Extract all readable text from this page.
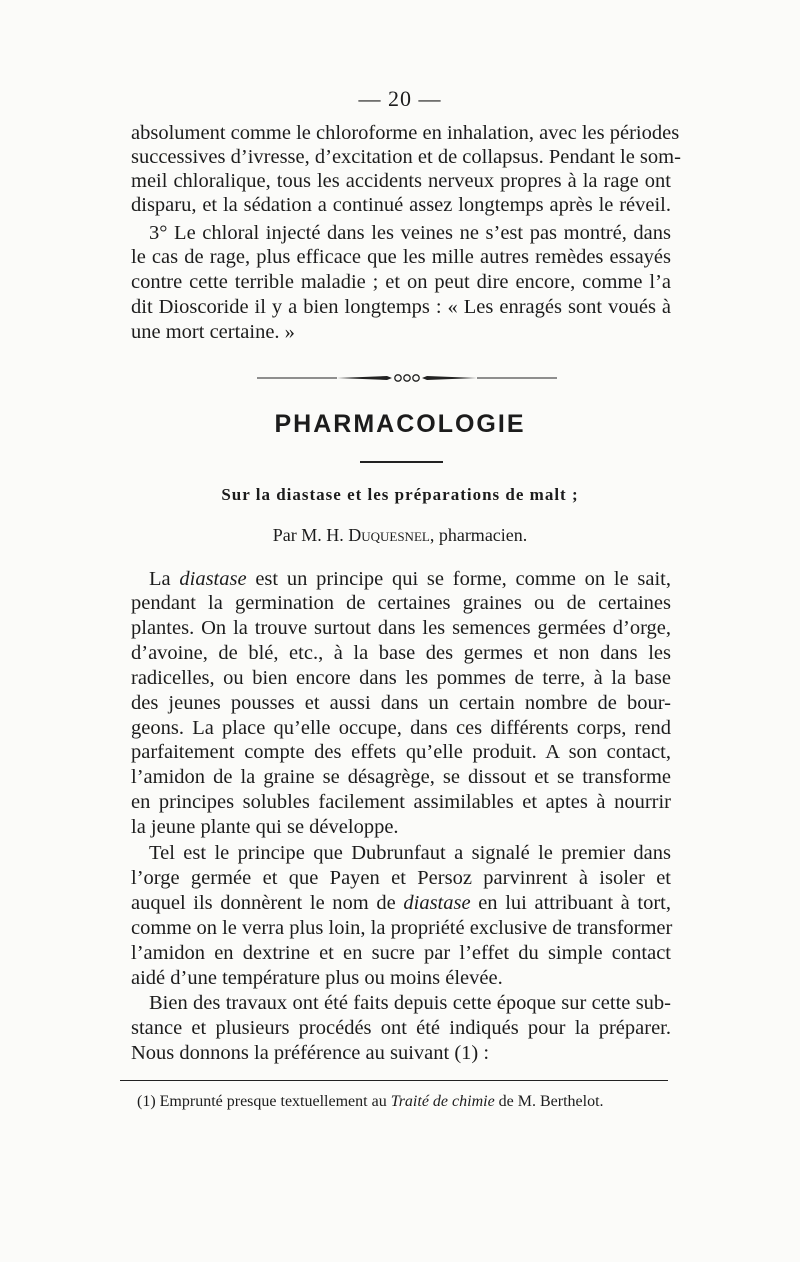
— 20 —
absolument comme le chloroforme en inhalation, avec les périodes
successives d’ivresse, d’excitation et de collapsus. Pendant le som-
meil chloralique, tous les accidents nerveux propres à la rage ont
disparu, et la sédation a continué assez longtemps après le réveil.
3° Le chloral injecté dans les veines ne s’est pas montré, dans
le cas de rage, plus efficace que les mille autres remèdes essayés
contre cette terrible maladie ; et on peut dire encore, comme l’a
dit Dioscoride il y a bien longtemps : « Les enragés sont voués à
une mort certaine. »
PHARMACOLOGIE
Sur la diastase et les préparations de malt ;
Par M. H. Duquesnel, pharmacien.
La diastase est un principe qui se forme, comme on le sait,
pendant la germination de certaines graines ou de certaines
plantes. On la trouve surtout dans les semences germées d’orge,
d’avoine, de blé, etc., à la base des germes et non dans les
radicelles, ou bien encore dans les pommes de terre, à la base
des jeunes pousses et aussi dans un certain nombre de bour-
geons. La place qu’elle occupe, dans ces différents corps, rend
parfaitement compte des effets qu’elle produit. A son contact,
l’amidon de la graine se désagrège, se dissout et se transforme
en principes solubles facilement assimilables et aptes à nourrir
la jeune plante qui se développe.
Tel est le principe que Dubrunfaut a signalé le premier dans
l’orge germée et que Payen et Persoz parvinrent à isoler et
auquel ils donnèrent le nom de diastase en lui attribuant à tort,
comme on le verra plus loin, la propriété exclusive de transformer
l’amidon en dextrine et en sucre par l’effet du simple contact
aidé d’une température plus ou moins élevée.
Bien des travaux ont été faits depuis cette époque sur cette sub-
stance et plusieurs procédés ont été indiqués pour la préparer.
Nous donnons la préférence au suivant (1) :
(1) Emprunté presque textuellement au Traité de chimie de M. Berthelot.
